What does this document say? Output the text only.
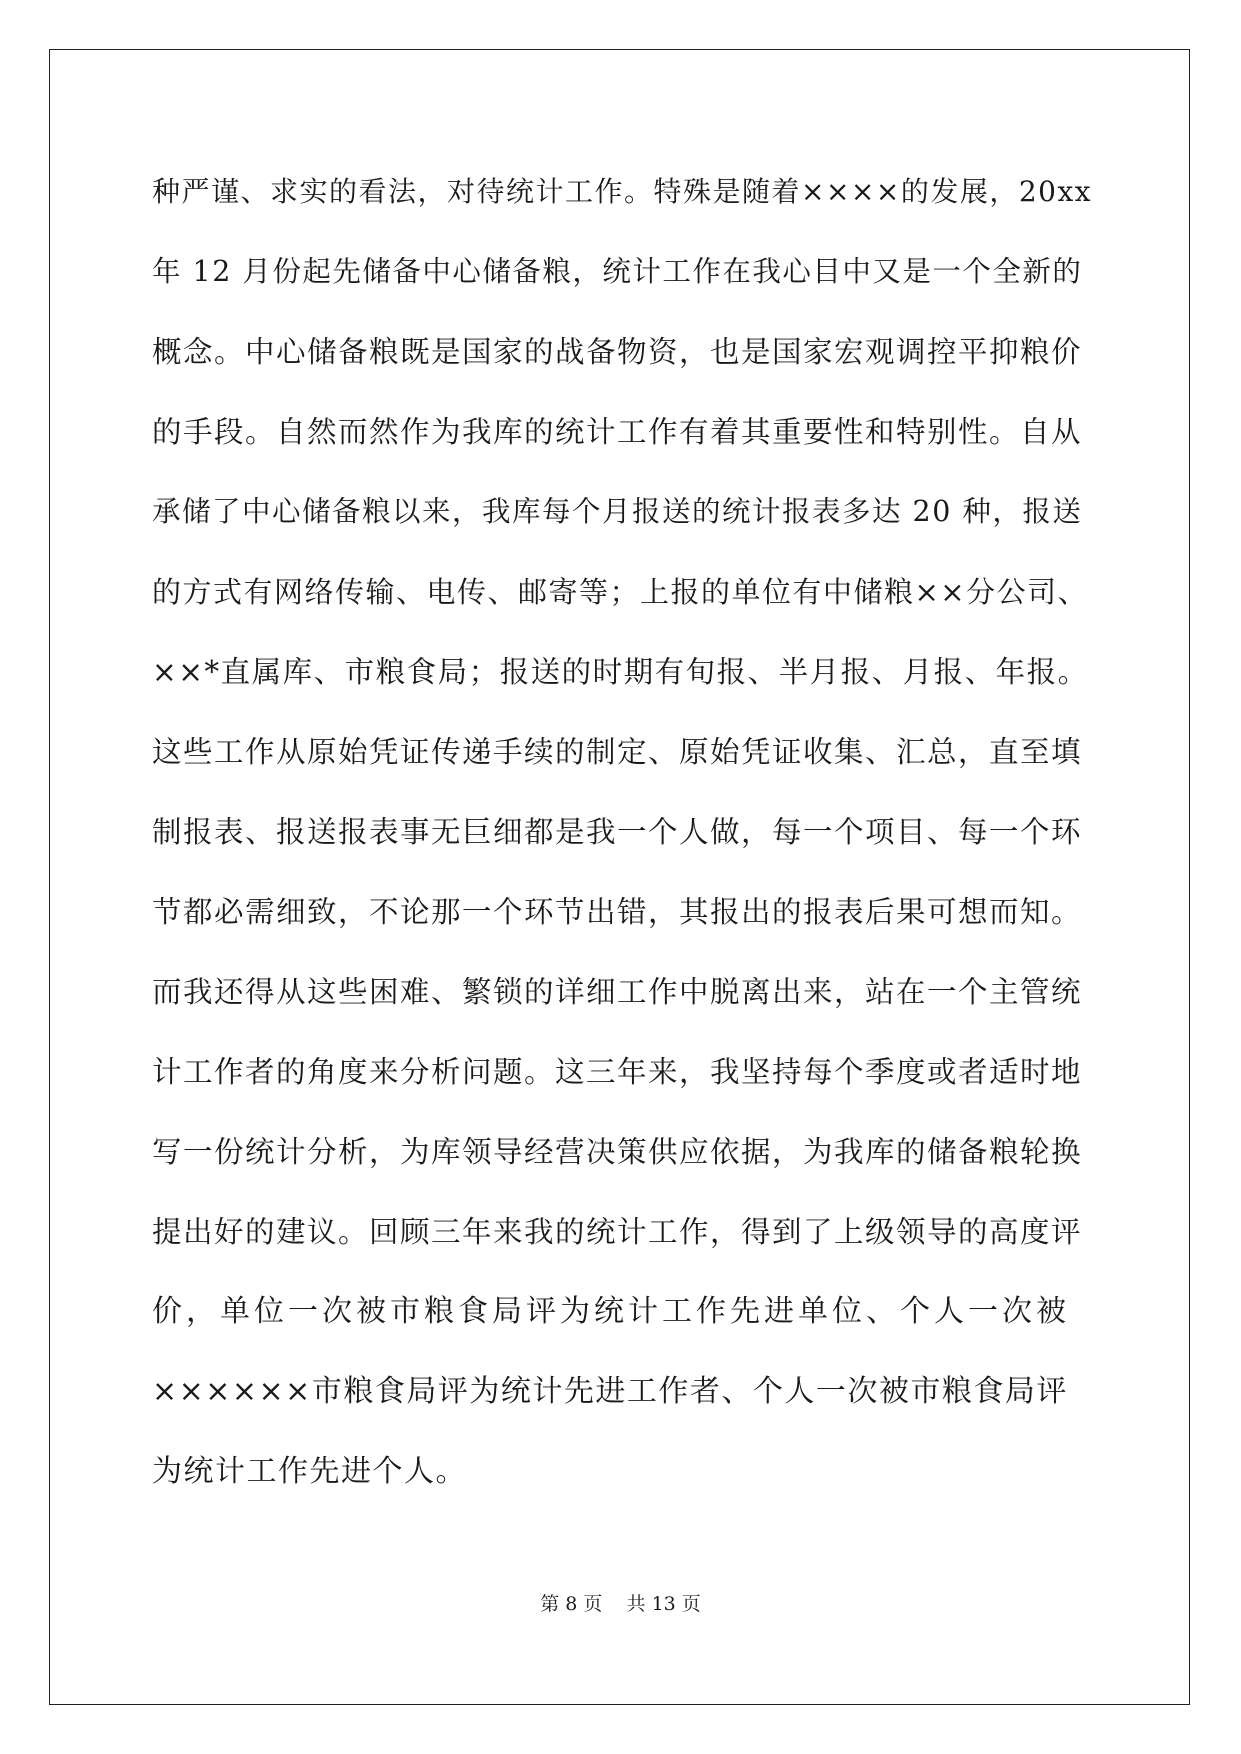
种严谨、求实的看法，对待统计工作。特殊是随着××××的发展，20xx
年 12 月份起先储备中心储备粮，统计工作在我心目中又是一个全新的
概念。中心储备粮既是国家的战备物资，也是国家宏观调控平抑粮价
的手段。自然而然作为我库的统计工作有着其重要性和特别性。自从
承储了中心储备粮以来，我库每个月报送的统计报表多达 20 种，报送
的方式有网络传输、电传、邮寄等；上报的单位有中储粮××分公司、
××*直属库、市粮食局；报送的时期有旬报、半月报、月报、年报。
这些工作从原始凭证传递手续的制定、原始凭证收集、汇总，直至填
制报表、报送报表事无巨细都是我一个人做，每一个项目、每一个环
节都必需细致，不论那一个环节出错，其报出的报表后果可想而知。
而我还得从这些困难、繁锁的详细工作中脱离出来，站在一个主管统
计工作者的角度来分析问题。这三年来，我坚持每个季度或者适时地
写一份统计分析，为库领导经营决策供应依据，为我库的储备粮轮换
提出好的建议。回顾三年来我的统计工作，得到了上级领导的高度评
价，单位一次被市粮食局评为统计工作先进单位、个人一次被
××××××市粮食局评为统计先进工作者、个人一次被市粮食局评
为统计工作先进个人。
第 8 页    共 13 页
